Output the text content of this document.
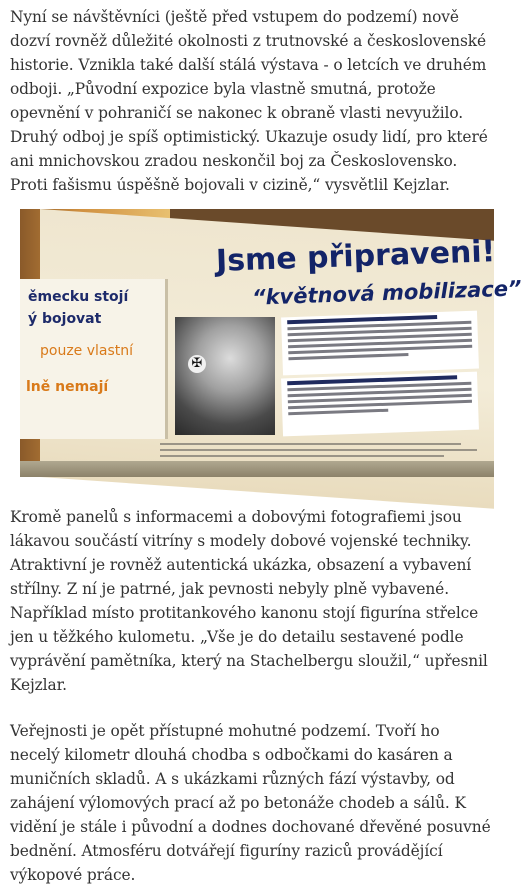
Nyní se návštěvníci (ještě před vstupem do podzemí) nově dozví rovněž důležité okolnosti z trutnovské a československé historie. Vznikla také další stálá výstava - o letcích ve druhém odboji. „Původní expozice byla vlastně smutná, protože opevnění v pohraničí se nakonec k obraně vlasti nevyužilo. Druhý odboj je spíš optimistický. Ukazuje osudy lidí, pro které ani mnichovskou zradou neskončil boj za Československo. Proti fašismu úspěšně bojovali v cizině,“ vysvětlil Kejzlar.

ěmecku stojí
ý bojovat
pouze vlastní
lně nemají
Jsme připraveni!
“květnová mobilizace”
✠

Kromě panelů s informacemi a dobovými fotografiemi jsou lákavou součástí vitríny s modely dobové vojenské techniky. Atraktivní je rovněž autentická ukázka, obsazení a vybavení střílny. Z ní je patrné, jak pevnosti nebyly plně vybavené. Například místo protitankového kanonu stojí figurína střelce jen u těžkého kulometu. „Vše je do detailu sestavené podle vyprávění pamětníka, který na Stachelbergu sloužil,“ upřesnil Kejzlar.

Veřejnosti je opět přístupné mohutné podzemí. Tvoří ho necelý kilometr dlouhá chodba s odbočkami do kasáren a muničních skladů. A s ukázkami různých fází výstavby, od zahájení výlomových prací až po betonáže chodeb a sálů. K vidění je stále i původní a dodnes dochované dřevěné posuvné bednění. Atmosféru dotvářejí figuríny raziců provádějící výkopové práce.
